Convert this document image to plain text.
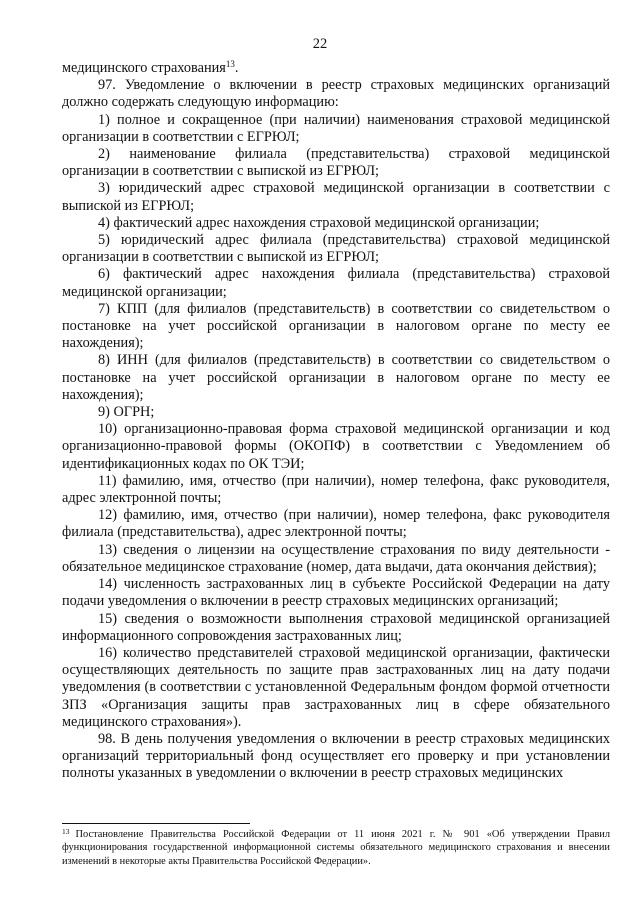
22

медицинского страхования$^{13}$.

97. Уведомление о включении в реестр страховых медицинских организаций должно содержать следующую информацию:

1) полное и сокращенное (при наличии) наименования страховой медицинской организации в соответствии с ЕГРЮЛ;

2) наименование филиала (представительства) страховой медицинской организации в соответствии с выпиской из ЕГРЮЛ;

3) юридический адрес страховой медицинской организации в соответствии с выпиской из ЕГРЮЛ;

4) фактический адрес нахождения страховой медицинской организации;

5) юридический адрес филиала (представительства) страховой медицинской организации в соответствии с выпиской из ЕГРЮЛ;

6) фактический адрес нахождения филиала (представительства) страховой медицинской организации;

7) КПП (для филиалов (представительств) в соответствии со свидетельством о постановке на учет российской организации в налоговом органе по месту ее нахождения);

8) ИНН (для филиалов (представительств) в соответствии со свидетельством о постановке на учет российской организации в налоговом органе по месту ее нахождения);

9) ОГРН;

10) организационно-правовая форма страховой медицинской организации и код организационно-правовой формы (ОКОПФ) в соответствии с Уведомлением об идентификационных кодах по ОК ТЭИ;

11) фамилию, имя, отчество (при наличии), номер телефона, факс руководителя, адрес электронной почты;

12) фамилию, имя, отчество (при наличии), номер телефона, факс руководителя филиала (представительства), адрес электронной почты;

13) сведения о лицензии на осуществление страхования по виду деятельности - обязательное медицинское страхование (номер, дата выдачи, дата окончания действия);

14) численность застрахованных лиц в субъекте Российской Федерации на дату подачи уведомления о включении в реестр страховых медицинских организаций;

15) сведения о возможности выполнения страховой медицинской организацией информационного сопровождения застрахованных лиц;

16) количество представителей страховой медицинской организации, фактически осуществляющих деятельность по защите прав застрахованных лиц на дату подачи уведомления (в соответствии с установленной Федеральным фондом формой отчетности ЗПЗ «Организация защиты прав застрахованных лиц в сфере обязательного медицинского страхования»).

98. В день получения уведомления о включении в реестр страховых медицинских организаций территориальный фонд осуществляет его проверку и при установлении полноты указанных в уведомлении о включении в реестр страховых медицинских

$^{13}$ Постановление Правительства Российской Федерации от 11 июня 2021 г. № 901 «Об утверждении Правил функционирования государственной информационной системы обязательного медицинского страхования и внесении изменений в некоторые акты Правительства Российской Федерации».
